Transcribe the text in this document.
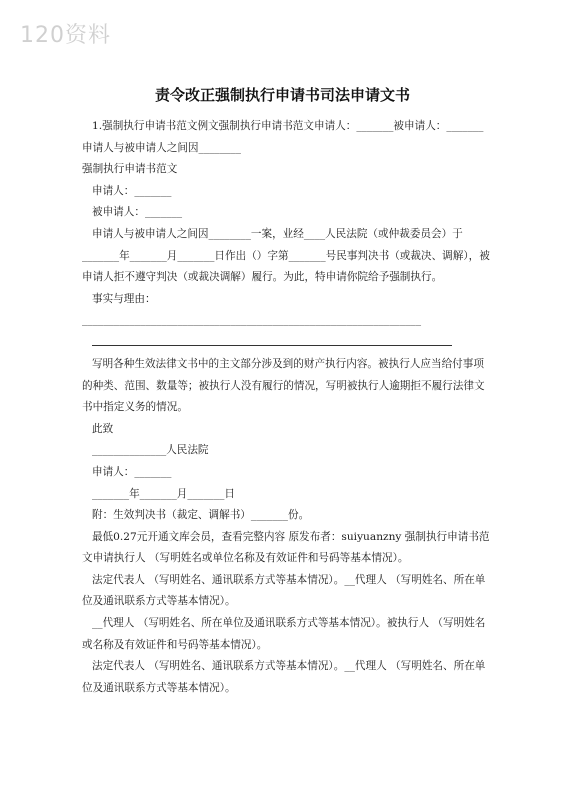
120资料
责令改正强制执行申请书司法申请文书

1.强制执行申请书范文例文强制执行申请书范文申请人：_______被申请人：_______申请人与被申请人之间因________

强制执行申请书范文

申请人：_______

被申请人：_______

申请人与被申请人之间因________一案，业经____人民法院（或仲裁委员会）于_______年_______月_______日作出（）字第_______号民事判决书（或裁决、调解），被申请人拒不遵守判决（或裁决调解）履行。为此，特申请你院给予强制执行。

事实与理由：________________________________________________________________

写明各种生效法律文书中的主文部分涉及到的财产执行内容。被执行人应当给付事项的种类、范围、数量等；被执行人没有履行的情况，写明被执行人逾期拒不履行法律文书中指定义务的情况。

此致

______________人民法院

申请人：_______

_______年_______月_______日

附：生效判决书（裁定、调解书）_______份。

最低0.27元开通文库会员，查看完整内容 原发布者：suiyuanzny 强制执行申请书范文申请执行人 （写明姓名或单位名称及有效证件和号码等基本情况）。

法定代表人 （写明姓名、通讯联系方式等基本情况）。__代理人 （写明姓名、所在单位及通讯联系方式等基本情况）。

__代理人 （写明姓名、所在单位及通讯联系方式等基本情况）。被执行人 （写明姓名或名称及有效证件和号码等基本情况）。

法定代表人 （写明姓名、通讯联系方式等基本情况）。__代理人 （写明姓名、所在单位及通讯联系方式等基本情况）。
